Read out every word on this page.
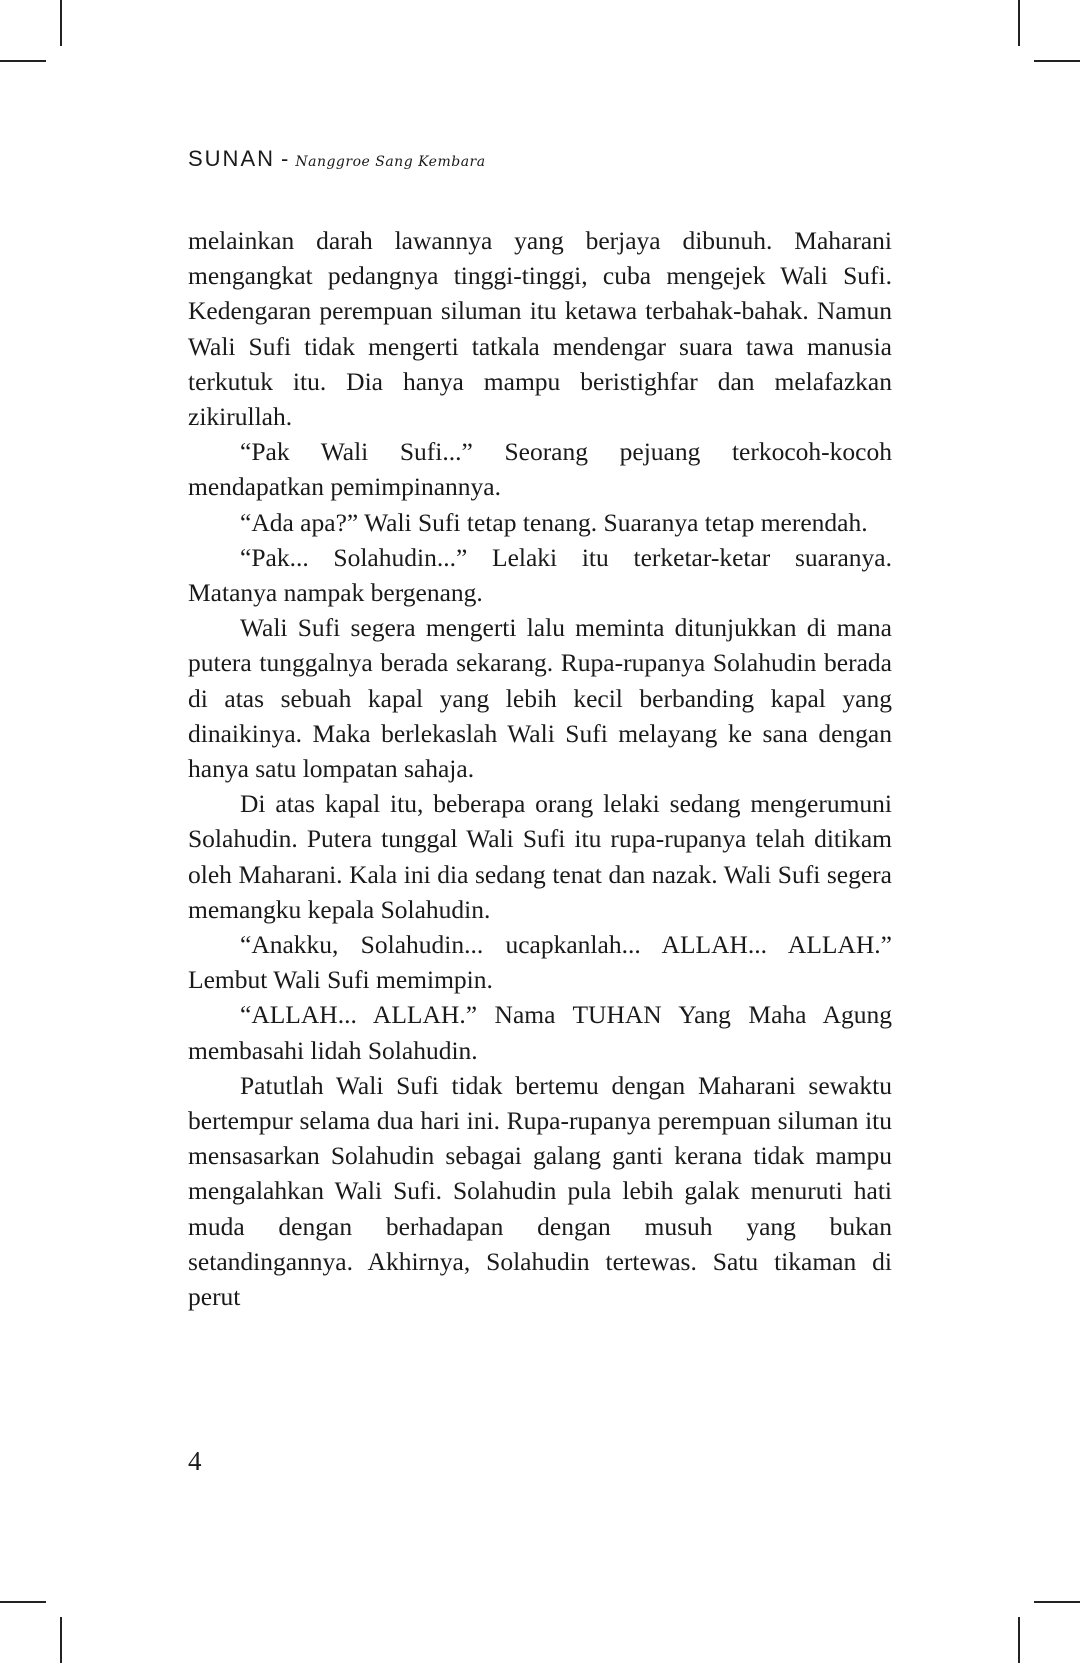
SUNAN - Nanggroe Sang Kembara

melainkan darah lawannya yang berjaya dibunuh. Maharani mengangkat pedangnya tinggi-tinggi, cuba mengejek Wali Sufi. Kedengaran perempuan siluman itu ketawa terbahak-bahak. Namun Wali Sufi tidak mengerti tatkala mendengar suara tawa manusia terkutuk itu. Dia hanya mampu beristighfar dan melafazkan zikirullah.

“Pak Wali Sufi...” Seorang pejuang terkocoh-kocoh mendapatkan pemimpinannya.

“Ada apa?” Wali Sufi tetap tenang. Suaranya tetap merendah.

“Pak... Solahudin...” Lelaki itu terketar-ketar suaranya. Matanya nampak bergenang.

Wali Sufi segera mengerti lalu meminta ditunjukkan di mana putera tunggalnya berada sekarang. Rupa-rupanya Solahudin berada di atas sebuah kapal yang lebih kecil berbanding kapal yang dinaikinya. Maka berlekaslah Wali Sufi melayang ke sana dengan hanya satu lompatan sahaja.

Di atas kapal itu, beberapa orang lelaki sedang mengerumuni Solahudin. Putera tunggal Wali Sufi itu rupa-rupanya telah ditikam oleh Maharani. Kala ini dia sedang tenat dan nazak. Wali Sufi segera memangku kepala Solahudin.

“Anakku, Solahudin... ucapkanlah... ALLAH... ALLAH.” Lembut Wali Sufi memimpin.

“ALLAH... ALLAH.” Nama TUHAN Yang Maha Agung membasahi lidah Solahudin.

Patutlah Wali Sufi tidak bertemu dengan Maharani sewaktu bertempur selama dua hari ini. Rupa-rupanya perempuan siluman itu mensasarkan Solahudin sebagai galang ganti kerana tidak mampu mengalahkan Wali Sufi. Solahudin pula lebih galak menuruti hati muda dengan berhadapan dengan musuh yang bukan setandingannya. Akhirnya, Solahudin tertewas. Satu tikaman di perut

4
